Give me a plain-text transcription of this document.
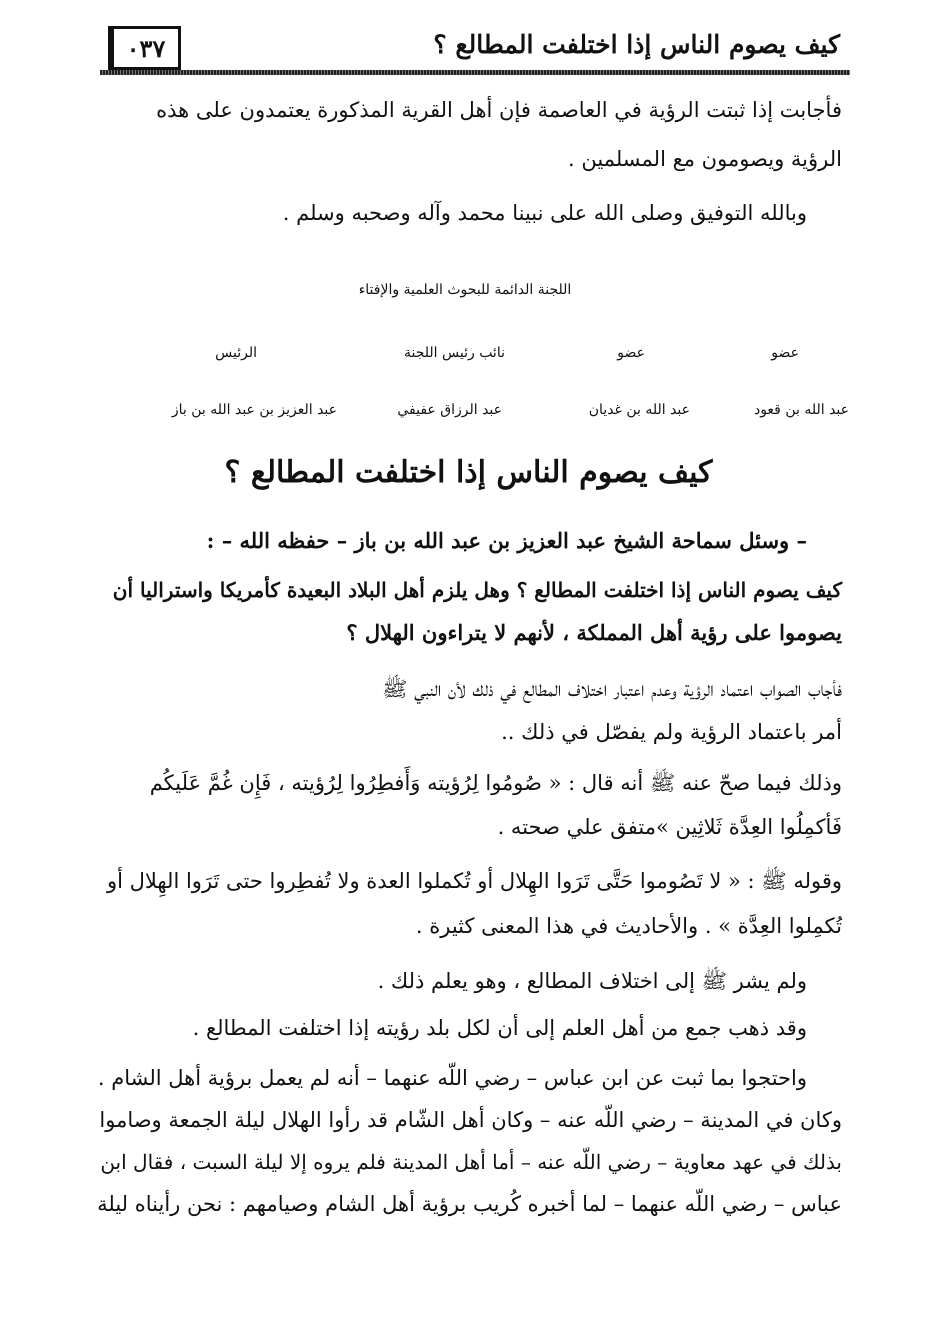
٠٣٧	كيف يصوم الناس إذا اختلفت المطالع ؟
فأجابت إذا ثبتت الرؤية في العاصمة فإن أهل القرية المذكورة يعتمدون على هذه
الرؤية ويصومون مع المسلمين .
وبالله التوفيق وصلى الله على نبينا محمد وآله وصحبه وسلم .
اللجنة الدائمة للبحوث العلمية والإفتاء
عضو
عضو
نائب رئيس اللجنة
الرئيس
عبد الله بن قعود
عبد الله بن غديان
عبد الرزاق عفيفي
عبد العزيز بن عبد الله بن باز
كيف يصوم الناس إذا اختلفت المطالع ؟
– وسئل سماحة الشيخ عبد العزيز بن عبد الله بن باز – حفظه الله – :
كيف يصوم الناس إذا اختلفت المطالع ؟ وهل يلزم أهل البلاد البعيدة كأمريكا واستراليا أن
يصوموا على رؤية أهل المملكة ، لأنهم لا يتراءون الهلال ؟
فأجاب الصواب اعتماد الرؤية وعدم اعتبار اختلاف المطالع في ذلك لأن النبي ﷺ
أمر باعتماد الرؤية ولم يفصّل في ذلك ..
وذلك فيما صحّ عنه ﷺ أنه قال : « صُومُوا لِرُؤيته وَأَفطِرُوا لِرُؤيته ، فَإِن غُمَّ عَلَيكُم
فَأكمِلُوا العِدَّة ثَلاثِين »متفق علي صحته .
وقوله ﷺ : « لا تَصُوموا حَتَّى تَرَوا الهِلال أو تُكملوا العدة ولا تُفطِروا حتى تَرَوا الهِلال أو
تُكمِلوا العِدَّة » . والأحاديث في هذا المعنى كثيرة .
ولم يشر ﷺ إلى اختلاف المطالع ، وهو يعلم ذلك .
وقد ذهب جمع من أهل العلم إلى أن لكل بلد رؤيته إذا اختلفت المطالع .
واحتجوا بما ثبت عن ابن عباس – رضي اللّه عنهما – أنه لم يعمل برؤية أهل الشام .
وكان في المدينة – رضي اللّه عنه – وكان أهل الشّام قد رأوا الهلال ليلة الجمعة وصاموا
بذلك في عهد معاوية – رضي اللّه عنه – أما أهل المدينة فلم يروه إلا ليلة السبت ، فقال ابن
عباس – رضي اللّه عنهما – لما أخبره كُريب برؤية أهل الشام وصيامهم : نحن رأيناه ليلة
